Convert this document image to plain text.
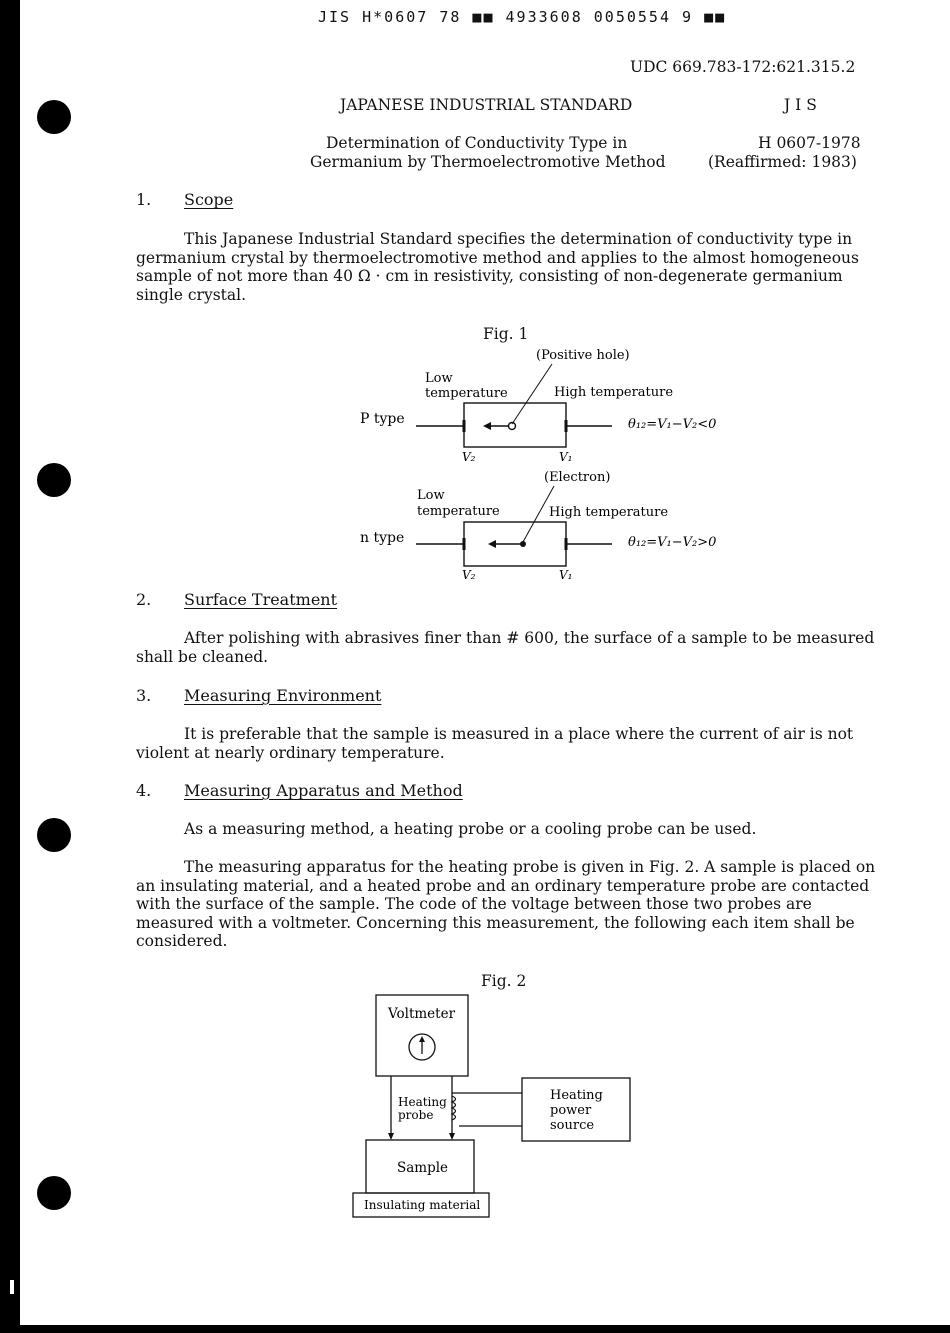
JIS H*0607 78 ■■ 4933608 0050554 9 ■■
UDC 669.783-172:621.315.2
JAPANESE INDUSTRIAL STANDARD	J I S
Determination of Conductivity Type in
Germanium by Thermoelectromotive Method
H 0607-1978
(Reaffirmed: 1983)
1. Scope
This Japanese Industrial Standard specifies the determination of conductivity type in germanium crystal by thermoelectromotive method and applies to the almost homogeneous sample of not more than 40 Ω · cm in resistivity, consisting of non-degenerate germanium single crystal.
Fig. 1
(Positive hole)
Low
temperature	High temperature
P type	θ₁₂=V₁−V₂<0
V₂	V₁
(Electron)
Low
temperature	High temperature
n type	θ₁₂=V₁−V₂>0
V₂	V₁
2. Surface Treatment
After polishing with abrasives finer than # 600, the surface of a sample to be measured shall be cleaned.
3. Measuring Environment
It is preferable that the sample is measured in a place where the current of air is not violent at nearly ordinary temperature.
4. Measuring Apparatus and Method
As a measuring method, a heating probe or a cooling probe can be used.
The measuring apparatus for the heating probe is given in Fig. 2. A sample is placed on an insulating material, and a heated probe and an ordinary temperature probe are contacted with the surface of the sample. The code of the voltage between those two probes are measured with a voltmeter. Concerning this measurement, the following each item shall be considered.
Fig. 2
Voltmeter
Heating
probe
Heating
power
source
Sample
Insulating material
